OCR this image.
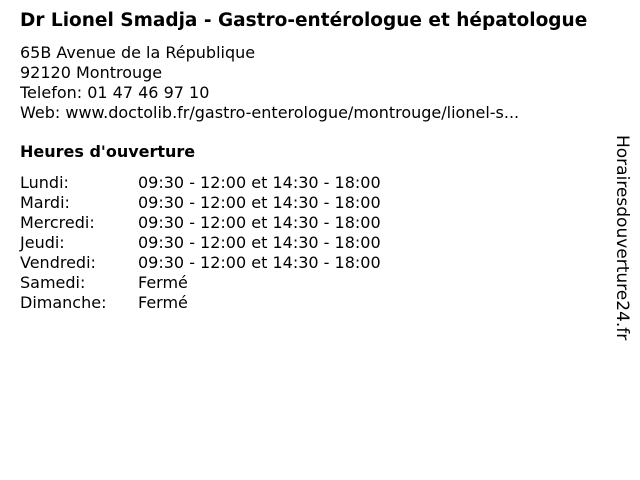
Dr Lionel Smadja - Gastro-entérologue et hépatologue
65B Avenue de la République
92120 Montrouge
Telefon: 01 47 46 97 10
Web: www.doctolib.fr/gastro-enterologue/montrouge/lionel-s...
Heures d'ouverture
Lundi:	09:30 - 12:00 et 14:30 - 18:00
Mardi:	09:30 - 12:00 et 14:30 - 18:00
Mercredi:	09:30 - 12:00 et 14:30 - 18:00
Jeudi:	09:30 - 12:00 et 14:30 - 18:00
Vendredi:	09:30 - 12:00 et 14:30 - 18:00
Samedi:	Fermé
Dimanche:	Fermé	Horairesdouverture24.fr
